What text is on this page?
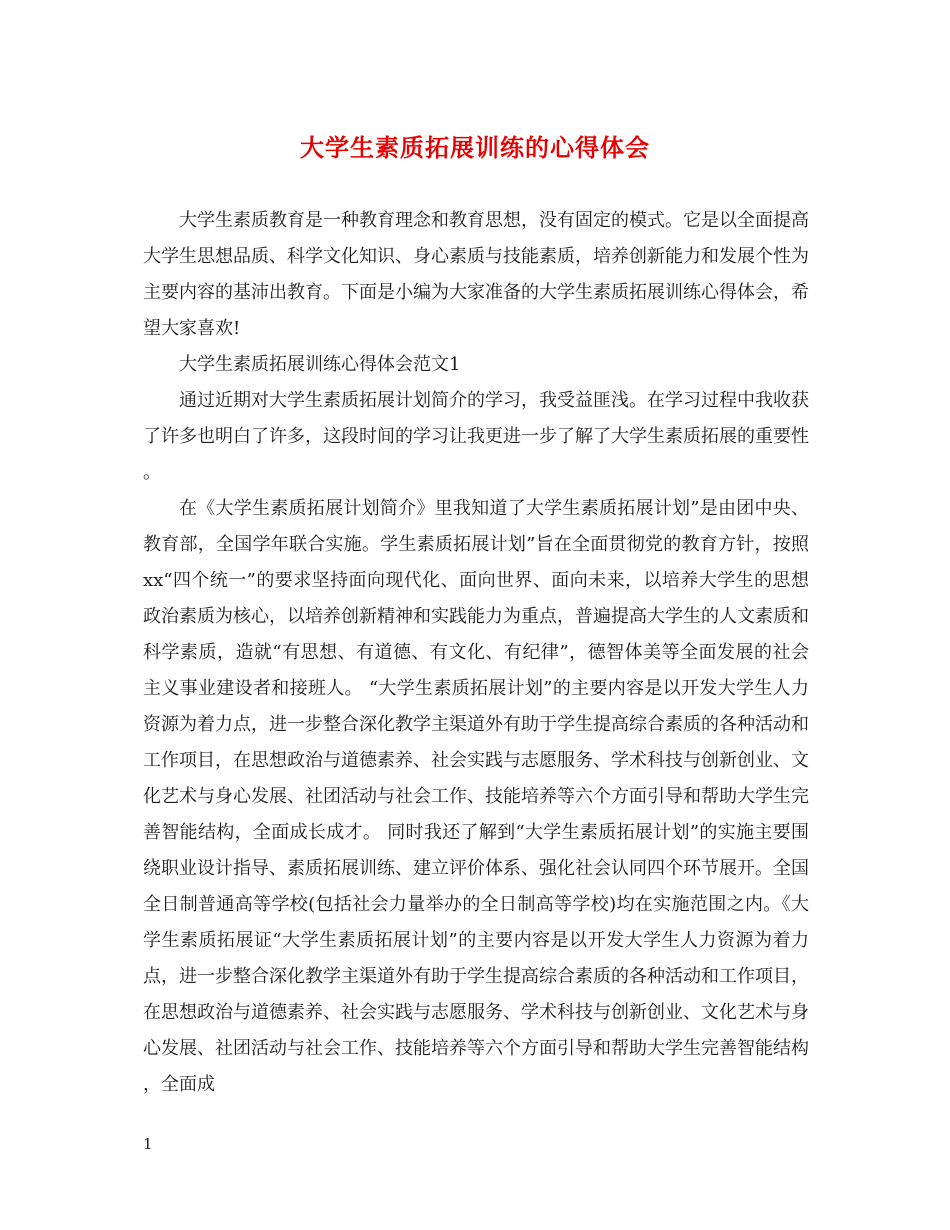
大学生素质拓展训练的心得体会

大学生素质教育是一种教育理念和教育思想，没有固定的模式。它是以全面提高大学生思想品质、科学文化知识、身心素质与技能素质，培养创新能力和发展个性为主要内容的基沛出教育。下面是小编为大家准备的大学生素质拓展训练心得体会，希望大家喜欢!

大学生素质拓展训练心得体会范文1

通过近期对大学生素质拓展计划简介的学习，我受益匪浅。在学习过程中我收获了许多也明白了许多，这段时间的学习让我更进一步了解了大学生素质拓展的重要性。

在《大学生素质拓展计划简介》里我知道了大学生素质拓展计划”是由团中央、教育部，全国学年联合实施。学生素质拓展计划”旨在全面贯彻党的教育方针，按照xx“四个统一”的要求坚持面向现代化、面向世界、面向未来，以培养大学生的思想政治素质为核心，以培养创新精神和实践能力为重点，普遍提高大学生的人文素质和科学素质，造就“有思想、有道德、有文化、有纪律”，德智体美等全面发展的社会主义事业建设者和接班人。 “大学生素质拓展计划”的主要内容是以开发大学生人力资源为着力点，进一步整合深化教学主渠道外有助于学生提高综合素质的各种活动和工作项目，在思想政治与道德素养、社会实践与志愿服务、学术科技与创新创业、文化艺术与身心发展、社团活动与社会工作、技能培养等六个方面引导和帮助大学生完善智能结构，全面成长成才。 同时我还了解到“大学生素质拓展计划”的实施主要围绕职业设计指导、素质拓展训练、建立评价体系、强化社会认同四个环节展开。全国全日制普通高等学校(包括社会力量举办的全日制高等学校)均在实施范围之内。《大学生素质拓展证“大学生素质拓展计划”的主要内容是以开发大学生人力资源为着力点，进一步整合深化教学主渠道外有助于学生提高综合素质的各种活动和工作项目，在思想政治与道德素养、社会实践与志愿服务、学术科技与创新创业、文化艺术与身心发展、社团活动与社会工作、技能培养等六个方面引导和帮助大学生完善智能结构，全面成

1
